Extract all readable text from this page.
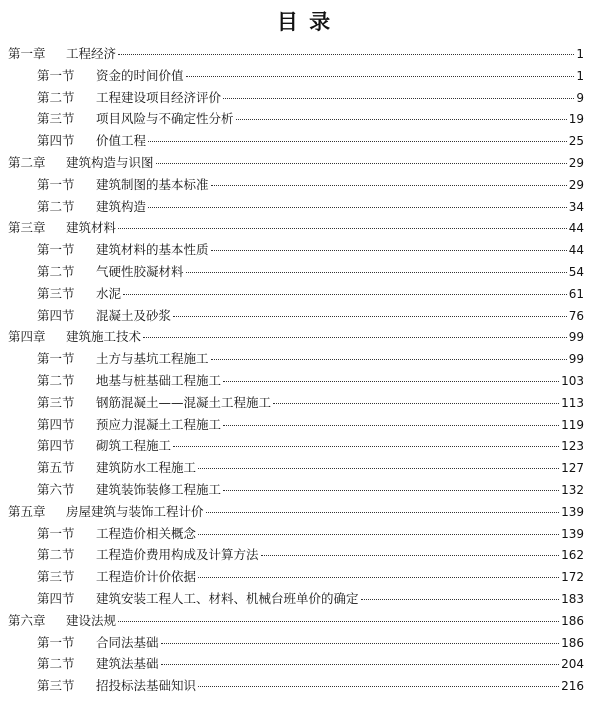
目 录
第一章	工程经济	1
第一节	资金的时间价值	1
第二节	工程建设项目经济评价	9
第三节	项目风险与不确定性分析	19
第四节	价值工程	25
第二章	建筑构造与识图	29
第一节	建筑制图的基本标准	29
第二节	建筑构造	34
第三章	建筑材料	44
第一节	建筑材料的基本性质	44
第二节	气硬性胶凝材料	54
第三节	水泥	61
第四节	混凝土及砂浆	76
第四章	建筑施工技术	99
第一节	土方与基坑工程施工	99
第二节	地基与桩基础工程施工	103
第三节	钢筋混凝土——混凝土工程施工	113
第四节	预应力混凝土工程施工	119
第四节	砌筑工程施工	123
第五节	建筑防水工程施工	127
第六节	建筑装饰装修工程施工	132
第五章	房屋建筑与装饰工程计价	139
第一节	工程造价相关概念	139
第二节	工程造价费用构成及计算方法	162
第三节	工程造价计价依据	172
第四节	建筑安装工程人工、材料、机械台班单价的确定	183
第六章	建设法规	186
第一节	合同法基础	186
第二节	建筑法基础	204
第三节	招投标法基础知识	216
